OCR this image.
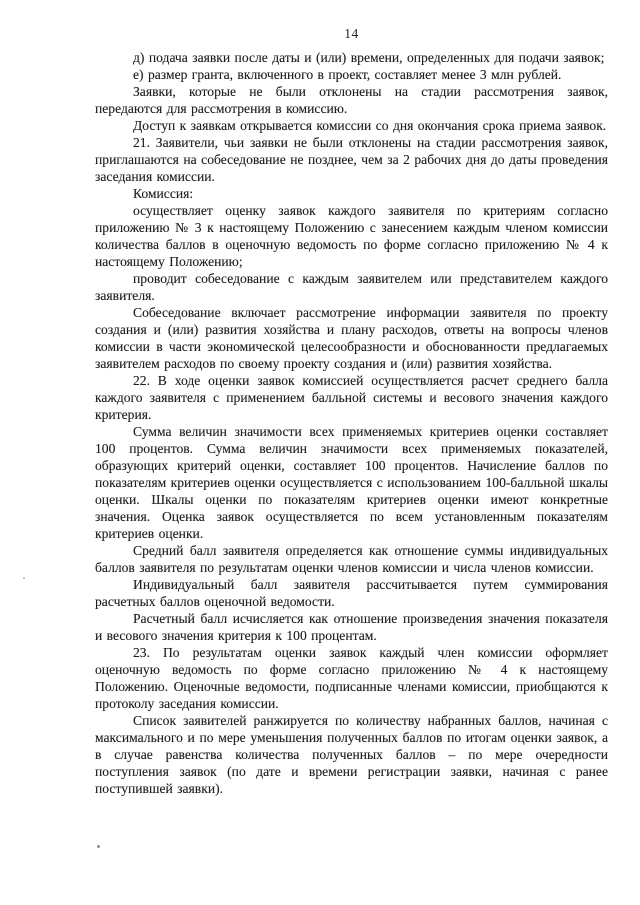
14

д) подача заявки после даты и (или) времени, определенных для подачи заявок;

е) размер гранта, включенного в проект, составляет менее 3 млн рублей.

Заявки, которые не были отклонены на стадии рассмотрения заявок, передаются для рассмотрения в комиссию.

Доступ к заявкам открывается комиссии со дня окончания срока приема заявок.

21. Заявители, чьи заявки не были отклонены на стадии рассмотрения заявок, приглашаются на собеседование не позднее, чем за 2 рабочих дня до даты проведения заседания комиссии.

Комиссия:

осуществляет оценку заявок каждого заявителя по критериям согласно приложению № 3 к настоящему Положению с занесением каждым членом комиссии количества баллов в оценочную ведомость по форме согласно приложению № 4 к настоящему Положению;

проводит собеседование с каждым заявителем или представителем каждого заявителя.

Собеседование включает рассмотрение информации заявителя по проекту создания и (или) развития хозяйства и плану расходов, ответы на вопросы членов комиссии в части экономической целесообразности и обоснованности предлагаемых заявителем расходов по своему проекту создания и (или) развития хозяйства.

22. В ходе оценки заявок комиссией осуществляется расчет среднего балла каждого заявителя с применением балльной системы и весового значения каждого критерия.

Сумма величин значимости всех применяемых критериев оценки составляет 100 процентов. Сумма величин значимости всех применяемых показателей, образующих критерий оценки, составляет 100 процентов. Начисление баллов по показателям критериев оценки осуществляется с использованием 100-балльной шкалы оценки. Шкалы оценки по показателям критериев оценки имеют конкретные значения. Оценка заявок осуществляется по всем установленным показателям критериев оценки.

Средний балл заявителя определяется как отношение суммы индивидуальных баллов заявителя по результатам оценки членов комиссии и числа членов комиссии.

Индивидуальный балл заявителя рассчитывается путем суммирования расчетных баллов оценочной ведомости.

Расчетный балл исчисляется как отношение произведения значения показателя и весового значения критерия к 100 процентам.

23. По результатам оценки заявок каждый член комиссии оформляет оценочную ведомость по форме согласно приложению № 4 к настоящему Положению. Оценочные ведомости, подписанные членами комиссии, приобщаются к протоколу заседания комиссии.

Список заявителей ранжируется по количеству набранных баллов, начиная с максимального и по мере уменьшения полученных баллов по итогам оценки заявок, а в случае равенства количества полученных баллов – по мере очередности поступления заявок (по дате и времени регистрации заявки, начиная с ранее поступившей заявки).
